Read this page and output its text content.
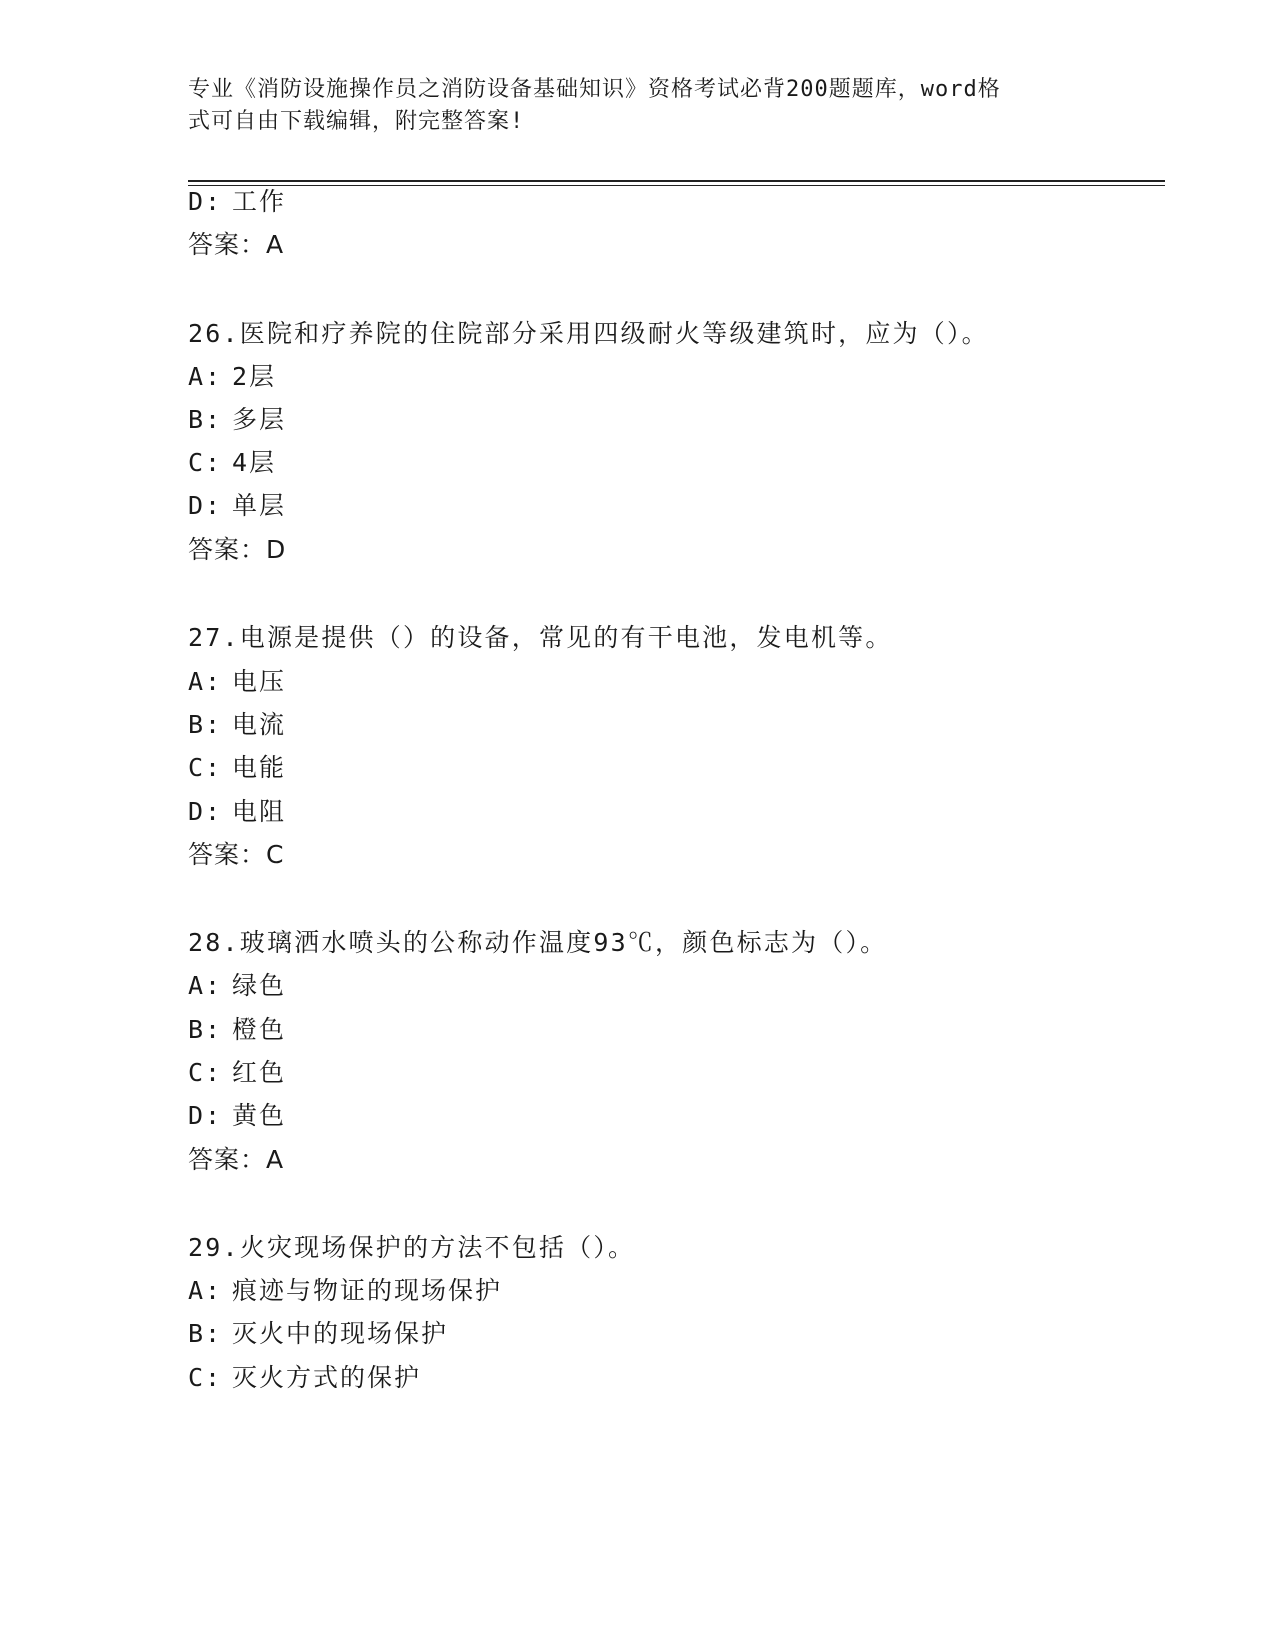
专业《消防设施操作员之消防设备基础知识》资格考试必背200题题库，word格
式可自由下载编辑，附完整答案!
D: 工作
答案：A
26.医院和疗养院的住院部分采用四级耐火等级建筑时，应为（）。
A: 2层
B: 多层
C: 4层
D: 单层
答案：D
27.电源是提供（）的设备，常见的有干电池，发电机等。
A: 电压
B: 电流
C: 电能
D: 电阻
答案：C
28.玻璃洒水喷头的公称动作温度93℃，颜色标志为（）。
A: 绿色
B: 橙色
C: 红色
D: 黄色
答案：A
29.火灾现场保护的方法不包括（）。
A: 痕迹与物证的现场保护
B: 灭火中的现场保护
C: 灭火方式的保护
